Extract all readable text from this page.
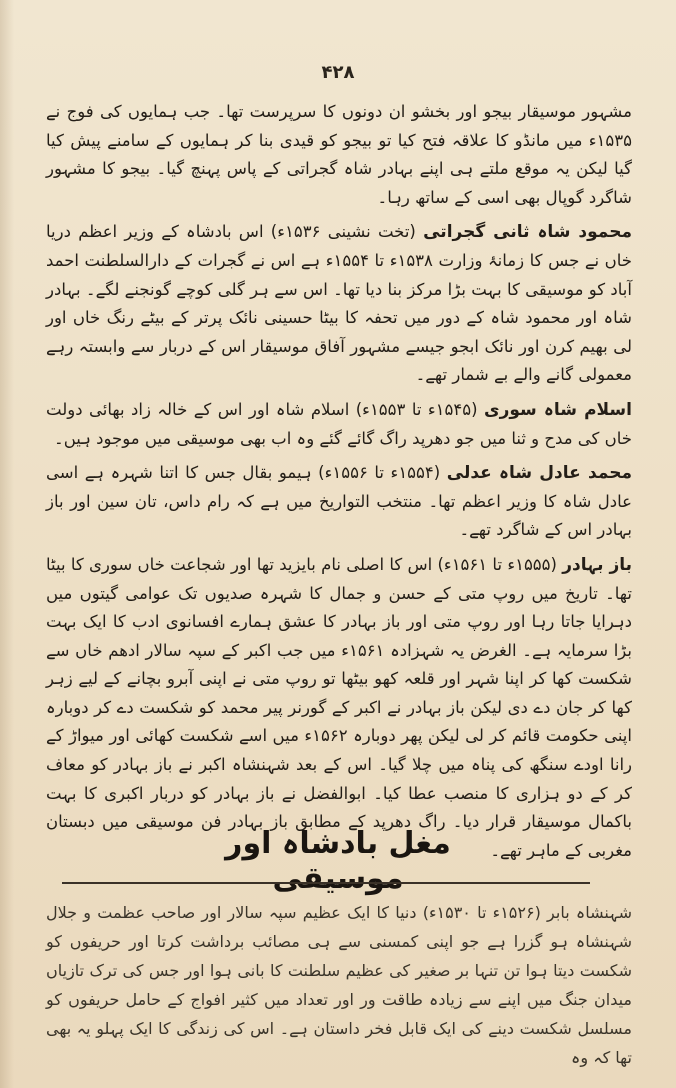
۴۲۸

مشہور موسیقار بیجو اور بخشو ان دونوں کا سرپرست تھا۔ جب ہمایوں کی فوج نے ۱۵۳۵ء میں مانڈو کا علاقہ فتح کیا تو بیجو کو قیدی بنا کر ہمایوں کے سامنے پیش کیا گیا لیکن یہ موقع ملتے ہی اپنے بہادر شاہ گجراتی کے پاس پہنچ گیا۔ بیجو کا مشہور شاگرد گوپال بھی اسی کے ساتھ رہا۔

محمود شاہ ثانی گجراتی (تخت نشینی ۱۵۳۶ء) اس بادشاہ کے وزیر اعظم دریا خاں نے جس کا زمانۂ وزارت ۱۵۳۸ء تا ۱۵۵۴ء ہے اس نے گجرات کے دارالسلطنت احمد آباد کو موسیقی کا بہت بڑا مرکز بنا دیا تھا۔ اس سے ہر گلی کوچے گونجنے لگے۔ بہادر شاہ اور محمود شاہ کے دور میں تحفہ کا بیٹا حسینی نائک پرتر کے بیٹے رنگ خاں اور لی بھیم کرن اور نائک ابجو جیسے مشہور آفاق موسیقار اس کے دربار سے وابستہ رہے معمولی گانے والے بے شمار تھے۔

اسلام شاہ سوری (۱۵۴۵ء تا ۱۵۵۳ء) اسلام شاہ اور اس کے خالہ زاد بھائی دولت خاں کی مدح و ثنا میں جو دھرپد راگ گائے گئے وہ اب بھی موسیقی میں موجود ہیں۔

محمد عادل شاہ عدلی (۱۵۵۴ء تا ۱۵۵۶ء) ہیمو بقال جس کا اتنا شہرہ ہے اسی عادل شاہ کا وزیر اعظم تھا۔ منتخب التواریخ میں ہے کہ رام داس، تان سین اور باز بہادر اس کے شاگرد تھے۔

باز بہادر (۱۵۵۵ء تا ۱۵۶۱ء) اس کا اصلی نام بایزید تھا اور شجاعت خاں سوری کا بیٹا تھا۔ تاریخ میں روپ متی کے حسن و جمال کا شہرہ صدیوں تک عوامی گیتوں میں دہرایا جاتا رہا اور روپ متی اور باز بہادر کا عشق ہمارے افسانوی ادب کا ایک بہت بڑا سرمایہ ہے۔ الغرض یہ شہزادہ ۱۵۶۱ء میں جب اکبر کے سپہ سالار ادھم خاں سے شکست کھا کر اپنا شہر اور قلعہ کھو بیٹھا تو روپ متی نے اپنی آبرو بچانے کے لیے زہر کھا کر جان دے دی لیکن باز بہادر نے اکبر کے گورنر پیر محمد کو شکست دے کر دوبارہ اپنی حکومت قائم کر لی لیکن پھر دوبارہ ۱۵۶۲ء میں اسے شکست کھائی اور میواڑ کے رانا اودے سنگھ کی پناہ میں چلا گیا۔ اس کے بعد شہنشاہ اکبر نے باز بہادر کو معاف کر کے دو ہزاری کا منصب عطا کیا۔ ابوالفضل نے باز بہادر کو دربار اکبری کا بہت باکمال موسیقار قرار دیا۔ راگ دھرپد کے مطابق باز بہادر فن موسیقی میں دبستان مغربی کے ماہر تھے۔

مغل بادشاہ اور موسیقی

شہنشاہ بابر (۱۵۲۶ء تا ۱۵۳۰ء) دنیا کا ایک عظیم سپہ سالار اور صاحب عظمت و جلال شہنشاہ ہو گزرا ہے جو اپنی کمسنی سے ہی مصائب برداشت کرتا اور حریفوں کو شکست دیتا ہوا تن تنہا بر صغیر کی عظیم سلطنت کا بانی ہوا اور جس کی ترک تازیاں میدان جنگ میں اپنے سے زیادہ طاقت ور اور تعداد میں کثیر افواج کے حامل حریفوں کو مسلسل شکست دینے کی ایک قابل فخر داستان ہے۔ اس کی زندگی کا ایک پہلو یہ بھی تھا کہ وہ
